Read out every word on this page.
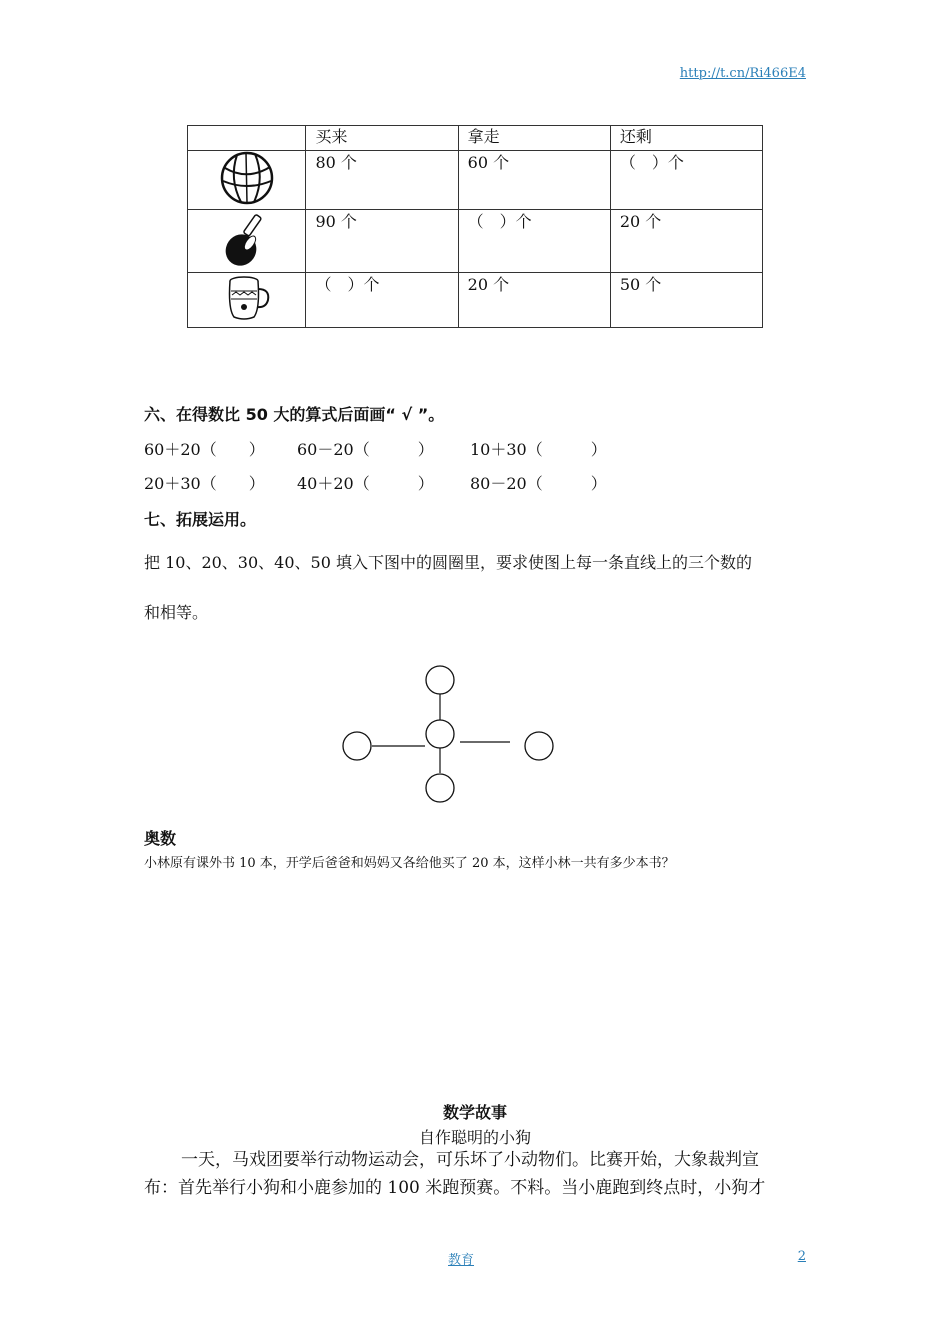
http://t.cn/Ri466E4
	买来	拿走	还剩
	80 个	60 个	（　）个
	90 个	（　）个	20 个
	（　）个	20 个	50 个
六、在得数比 50 大的算式后面画“ √ ”。
60＋20（　　） 60－20（　　　） 10＋30（　　　）
20＋30（　　） 40＋20（　　　） 80－20（　　　）
七、拓展运用。
把 10、20、30、40、50 填入下图中的圆圈里，要求使图上每一条直线上的三个数的
和相等。
奥数
小林原有课外书 10 本，开学后爸爸和妈妈又各给他买了 20 本，这样小林一共有多少本书？
数学故事
自作聪明的小狗
一天，马戏团要举行动物运动会，可乐坏了小动物们。比赛开始，大象裁判宣
布：首先举行小狗和小鹿参加的 100 米跑预赛。不料。当小鹿跑到终点时，小狗才
教育	2
